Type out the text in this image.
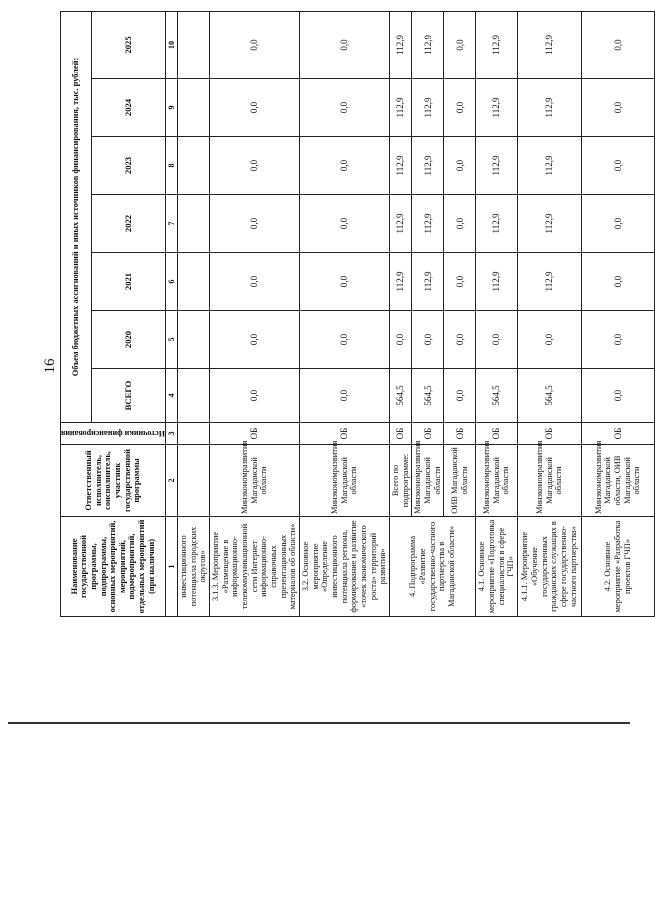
16
Наименование государственной программы, подпрограммы, основных мероприятий, мероприятий, подмероприятий, отдельных мероприятий (при наличии)	Ответственный исполнитель, соисполнитель, участник государственной программы	Источники финансирования	Объем бюджетных ассигнований и иных источников финансирования, тыс. рублей:						
			ВСЕГО	2020	2021	2022	2023	2024	2025
1	2	3	4	5	6	7	8	9	10
инвестиционного потенциала городских округов»									
3.1.3. Мероприятие «Размещение в информационно-телекоммуникационной сети Интернет информационно-справочных презентационных материалов об области»	Минэкономразвития Магаданской области	ОБ	0,0	0,0	0,0	0,0	0,0	0,0	0,0
3.2. Основное мероприятие «Определение инвестиционного потенциала региона, формирование и развитие «точек экономического роста» территорий развития»	Минэкономразвития Магаданской области	ОБ	0,0	0,0	0,0	0,0	0,0	0,0	0,0
4. Подпрограмма «Развитие государственно-частного партнерства в Магаданской области»	Всего по подпрограмме:	ОБ	564,5	0,0	112,9	112,9	112,9	112,9	112,9
	Минэкономразвития Магаданской области	ОБ	564,5	0,0	112,9	112,9	112,9	112,9	112,9
	ОИВ Магаданской области	ОБ	0,0	0,0	0,0	0,0	0,0	0,0	0,0
4.1. Основное мероприятие «Подготовка специалистов в сфере ГЧП»	Минэкономразвития Магаданской области	ОБ	564,5	0,0	112,9	112,9	112,9	112,9	112,9
4.1.1. Мероприятие «Обучение государственных гражданских служащих в сфере государственно-частного партнерства»	Минэкономразвития Магаданской области	ОБ	564,5	0,0	112,9	112,9	112,9	112,9	112,9
4.2. Основное мероприятие «Разработка проектов ГЧП»	Минэкономразвития Магаданской области, ОИВ Магаданской области	ОБ	0,0	0,0	0,0	0,0	0,0	0,0	0,0
